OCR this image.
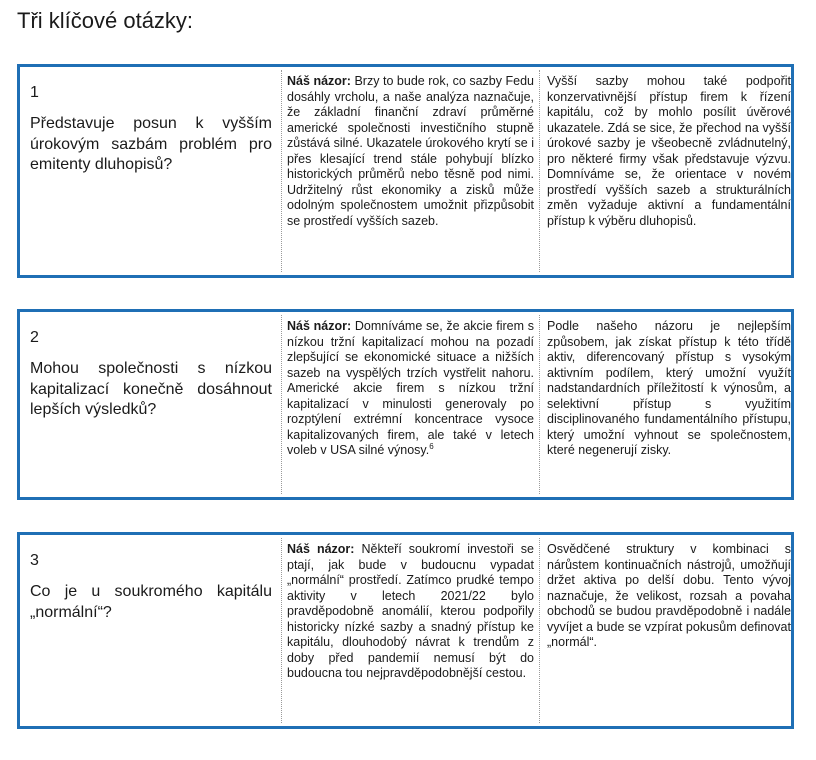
Tři klíčové otázky:
1
Představuje posun k vyšším úrokovým sazbám problém pro emitenty dluhopisů?
Náš názor: Brzy to bude rok, co sazby Fedu dosáhly vrcholu, a naše analýza naznačuje, že základní finanční zdraví průměrné americké společnosti investičního stupně zůstává silné. Ukazatele úrokového krytí se i přes klesající trend stále pohybují blízko historických průměrů nebo těsně pod nimi. Udržitelný růst ekonomiky a zisků může odolným společnostem umožnit přizpůsobit se prostředí vyšších sazeb.
Vyšší sazby mohou také podpořit konzervativnější přístup firem k řízení kapitálu, což by mohlo posílit úvěrové ukazatele. Zdá se sice, že přechod na vyšší úrokové sazby je všeobecně zvládnutelný, pro některé firmy však představuje výzvu. Domníváme se, že orientace v novém prostředí vyšších sazeb a strukturálních změn vyžaduje aktivní a fundamentální přístup k výběru dluhopisů.
2
Mohou společnosti s nízkou kapitalizací konečně dosáhnout lepších výsledků?
Náš názor: Domníváme se, že akcie firem s nízkou tržní kapitalizací mohou na pozadí zlepšující se ekonomické situace a nižších sazeb na vyspělých trzích vystřelit nahoru. Americké akcie firem s nízkou tržní kapitalizací v minulosti generovaly po rozptýlení extrémní koncentrace vysoce kapitalizovaných firem, ale také v letech voleb v USA silné výnosy.$^6$
Podle našeho názoru je nejlepším způsobem, jak získat přístup k této třídě aktiv, diferencovaný přístup s vysokým aktivním podílem, který umožní využít nadstandardních příležitostí k výnosům, a selektivní přístup s využitím disciplinovaného fundamentálního přístupu, který umožní vyhnout se společnostem, které negenerují zisky.
3
Co je u soukromého kapitálu „normální“?
Náš názor: Někteří soukromí investoři se ptají, jak bude v budoucnu vypadat „normální“ prostředí. Zatímco prudké tempo aktivity v letech 2021/22 bylo pravděpodobně anomálií, kterou podpořily historicky nízké sazby a snadný přístup ke kapitálu, dlouhodobý návrat k trendům z doby před pandemií nemusí být do budoucna tou nejpravděpodobnější cestou.
Osvědčené struktury v kombinaci s nárůstem kontinuačních nástrojů, umožňují držet aktiva po delší dobu. Tento vývoj naznačuje, že velikost, rozsah a povaha obchodů se budou pravděpodobně i nadále vyvíjet a bude se vzpírat pokusům definovat „normál“.
